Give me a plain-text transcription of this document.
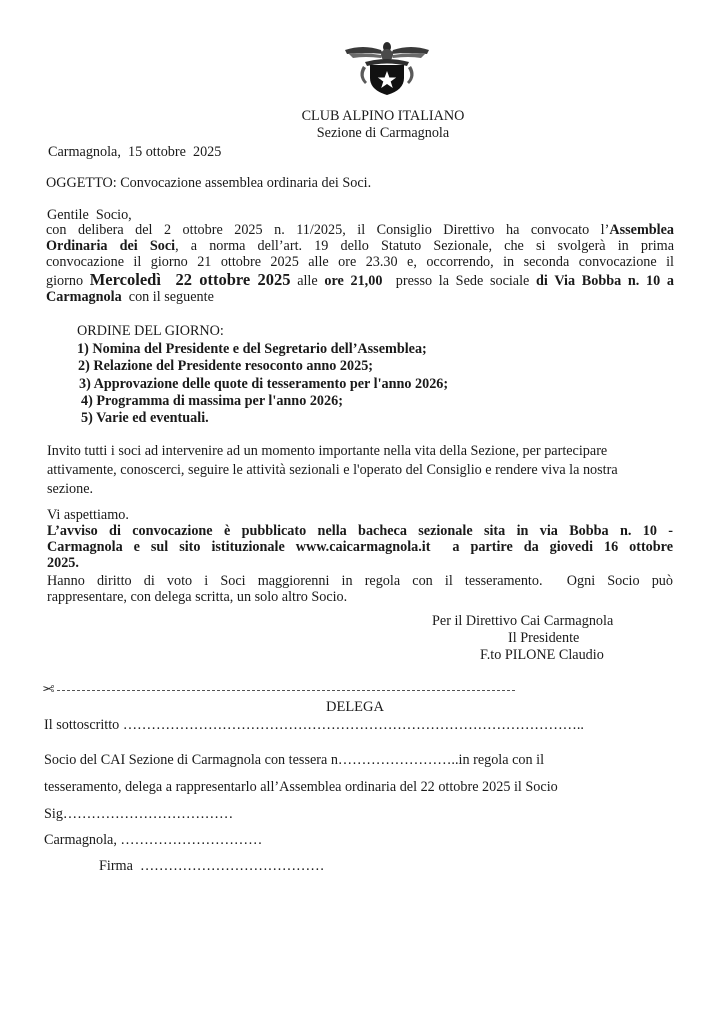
CLUB ALPINO ITALIANO
Sezione di Carmagnola
Carmagnola,  15 ottobre  2025
OGGETTO: Convocazione assemblea ordinaria dei Soci.
Gentile  Socio,
con delibera del 2 ottobre 2025 n. 11/2025, il Consiglio Direttivo ha convocato l’Assemblea
Ordinaria dei Soci, a norma dell’art. 19 dello Statuto Sezionale, che si svolgerà in prima
convocazione il giorno 21 ottobre 2025 alle ore 23.30 e, occorrendo, in seconda convocazione il
giorno Mercoledì  22 ottobre 2025 alle ore 21,00  presso la Sede sociale di Via Bobba n. 10 a
Carmagnola  con il seguente
ORDINE DEL GIORNO:
1) Nomina del Presidente e del Segretario dell’Assemblea;
2) Relazione del Presidente resoconto anno 2025;
3) Approvazione delle quote di tesseramento per l'anno 2026;
4) Programma di massima per l'anno 2026;
5) Varie ed eventuali.
Invito tutti i soci ad intervenire ad un momento importante nella vita della Sezione, per partecipare
attivamente, conoscerci, seguire le attività sezionali e l'operato del Consiglio e rendere viva la nostra
sezione.
Vi aspettiamo.
L’avviso di convocazione è pubblicato nella bacheca sezionale sita in via Bobba n. 10 -
Carmagnola e sul sito istituzionale www.caicarmagnola.it  a partire da giovedi 16 ottobre
2025.
Hanno diritto di voto i Soci maggiorenni in regola con il tesseramento.  Ogni Socio può
rappresentare, con delega scritta, un solo altro Socio.
Per il Direttivo Cai Carmagnola
Il Presidente
F.to PILONE Claudio
✂
DELEGA
Il sottoscritto ……………………………………………………………………………………..
Socio del CAI Sezione di Carmagnola con tessera n……………………..in regola con il
tesseramento, delega a rappresentarlo all’Assemblea ordinaria del 22 ottobre 2025 il Socio
Sig………………………………
Carmagnola, …………………………
Firma  …………………………………
